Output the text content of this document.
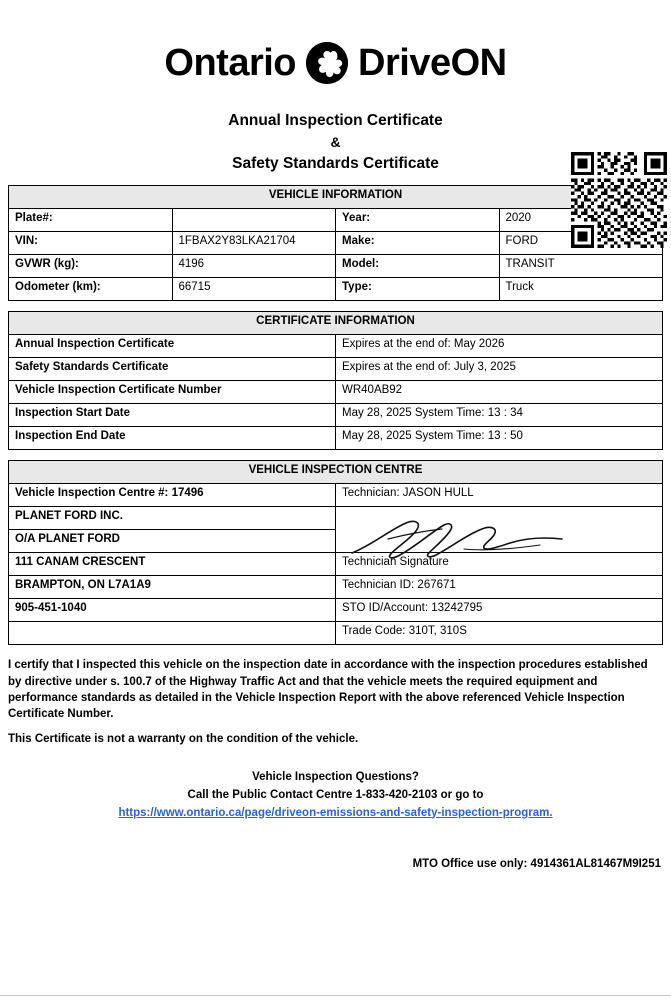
Ontario DriveON
Annual Inspection Certificate
&
Safety Standards Certificate
VEHICLE INFORMATION			
Plate#:		Year:	2020
VIN:	1FBAX2Y83LKA21704	Make:	FORD
GVWR (kg):	4196	Model:	TRANSIT
Odometer (km):	66715	Type:	Truck
CERTIFICATE INFORMATION	
Annual Inspection Certificate	Expires at the end of: May 2026
Safety Standards Certificate	Expires at the end of: July 3, 2025
Vehicle Inspection Certificate Number	WR40AB92
Inspection Start Date	May 28, 2025 System Time: 13 : 34
Inspection End Date	May 28, 2025 System Time: 13 : 50
VEHICLE INSPECTION CENTRE	
Vehicle Inspection Centre #: 17496	Technician: JASON HULL
PLANET FORD INC.	

O/A PLANET FORD	
111 CANAM CRESCENT	Technician Signature
BRAMPTON, ON L7A1A9	Technician ID: 267671
905-451-1040	STO ID/Account: 13242795
	Trade Code: 310T, 310S

I certify that I inspected this vehicle on the inspection date in accordance with the inspection procedures established by directive under s. 100.7 of the Highway Traffic Act and that the vehicle meets the required equipment and performance standards as detailed in the Vehicle Inspection Report with the above referenced Vehicle Inspection Certificate Number.

This Certificate is not a warranty on the condition of the vehicle.

Vehicle Inspection Questions?
Call the Public Contact Centre 1-833-420-2103 or go to
https://www.ontario.ca/page/driveon-emissions-and-safety-inspection-program.
MTO Office use only: 4914361AL81467M9I251
